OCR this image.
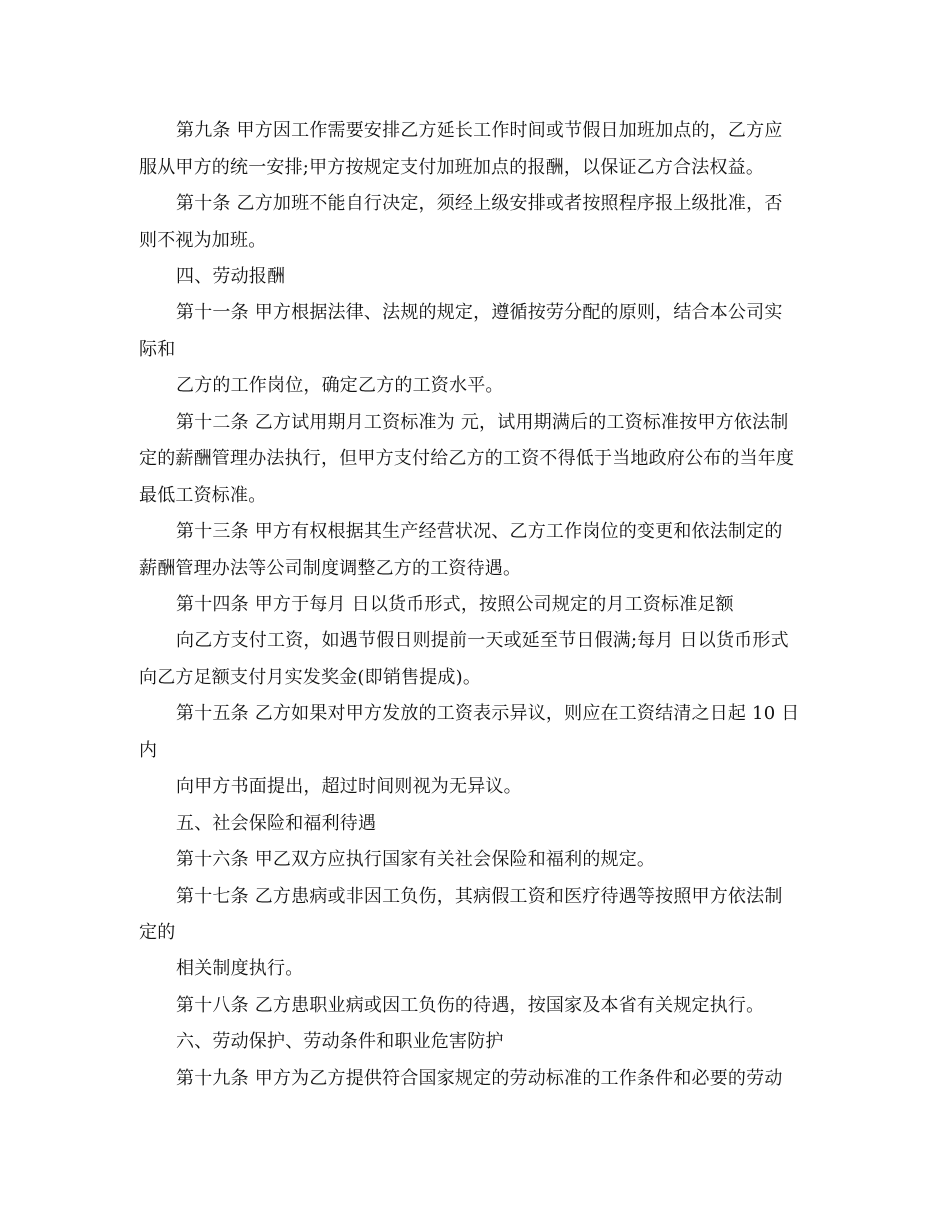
第九条 甲方因工作需要安排乙方延长工作时间或节假日加班加点的，乙方应
服从甲方的统一安排;甲方按规定支付加班加点的报酬，以保证乙方合法权益。
第十条 乙方加班不能自行决定，须经上级安排或者按照程序报上级批准，否
则不视为加班。
四、劳动报酬
第十一条 甲方根据法律、法规的规定，遵循按劳分配的原则，结合本公司实
际和
乙方的工作岗位，确定乙方的工资水平。
第十二条 乙方试用期月工资标准为 元，试用期满后的工资标准按甲方依法制
定的薪酬管理办法执行，但甲方支付给乙方的工资不得低于当地政府公布的当年度
最低工资标准。
第十三条 甲方有权根据其生产经营状况、乙方工作岗位的变更和依法制定的
薪酬管理办法等公司制度调整乙方的工资待遇。
第十四条 甲方于每月 日以货币形式，按照公司规定的月工资标准足额
向乙方支付工资，如遇节假日则提前一天或延至节日假满;每月 日以货币形式
向乙方足额支付月实发奖金(即销售提成)。
第十五条 乙方如果对甲方发放的工资表示异议，则应在工资结清之日起 10 日
内
向甲方书面提出，超过时间则视为无异议。
五、社会保险和福利待遇
第十六条 甲乙双方应执行国家有关社会保险和福利的规定。
第十七条 乙方患病或非因工负伤，其病假工资和医疗待遇等按照甲方依法制
定的
相关制度执行。
第十八条 乙方患职业病或因工负伤的待遇，按国家及本省有关规定执行。
六、劳动保护、劳动条件和职业危害防护
第十九条 甲方为乙方提供符合国家规定的劳动标准的工作条件和必要的劳动
